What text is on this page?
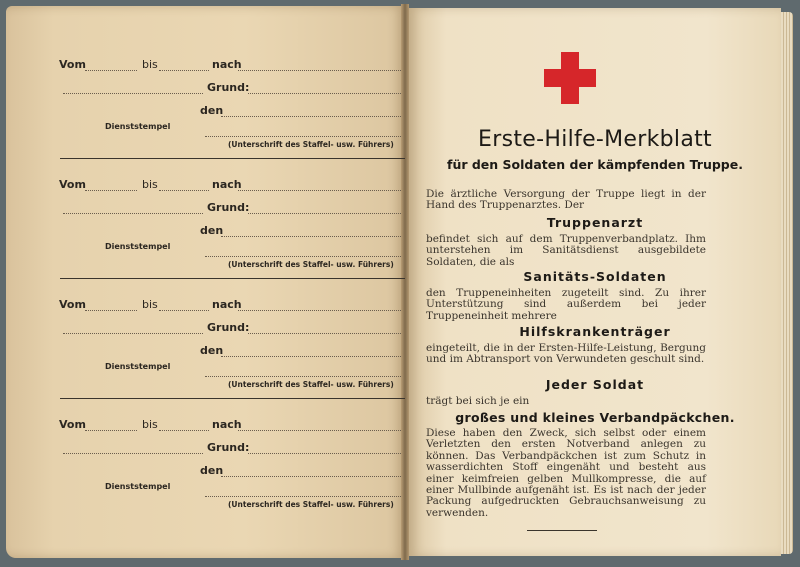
Vom	bis	nach
Grund:
den
Dienststempel
(Unterschrift des Staffel- usw. Führers)
Vom	bis	nach
Grund:
den
Dienststempel
(Unterschrift des Staffel- usw. Führers)
Vom	bis	nach
Grund:
den
Dienststempel
(Unterschrift des Staffel- usw. Führers)
Vom	bis	nach
Grund:
den
Dienststempel
(Unterschrift des Staffel- usw. Führers)
Erste-Hilfe-Merkblatt
für den Soldaten der kämpfenden Truppe.
Die ärztliche Versorgung der Truppe liegt in der Hand des Truppenarztes. Der
Truppenarzt
befindet sich auf dem Truppenverbandplatz. Ihm unterstehen im Sanitätsdienst ausgebildete Soldaten, die als
Sanitäts-Soldaten
den Truppeneinheiten zugeteilt sind. Zu ihrer Unterstützung sind außerdem bei jeder Truppeneinheit mehrere
Hilfskrankenträger
eingeteilt, die in der Ersten-Hilfe-Leistung, Bergung und im Abtransport von Verwundeten geschult sind.
Jeder Soldat
trägt bei sich je ein
großes und kleines Verbandpäckchen.
Diese haben den Zweck, sich selbst oder einem Verletzten den ersten Notverband anlegen zu können. Das Verbandpäckchen ist zum Schutz in wasserdichten Stoff eingenäht und besteht aus einer keimfreien gelben Mullkompresse, die auf einer Mullbinde aufgenäht ist. Es ist nach der jeder Packung aufgedruckten Gebrauchsanweisung zu verwenden.
